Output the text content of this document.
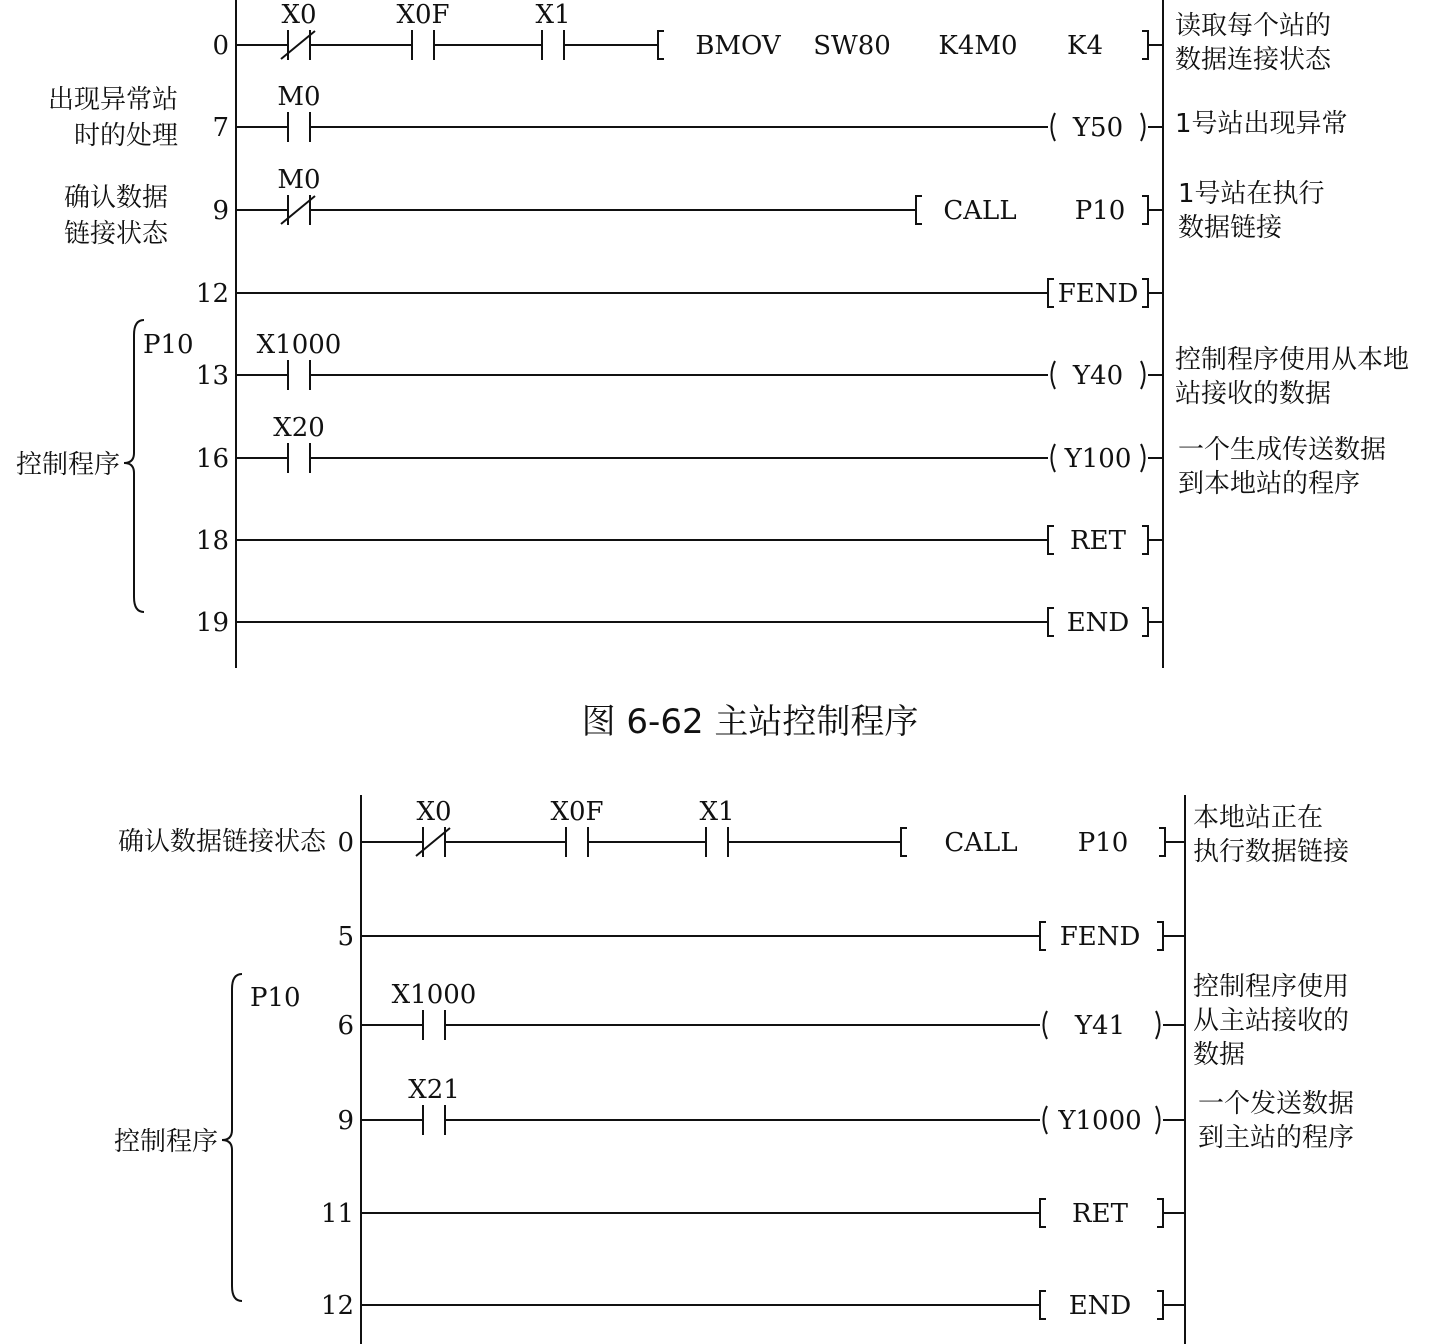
0
X0	X0F	X1
BMOV SW80 K4M0 K4
读取每个站的
数据连接状态
7
M0
Y50 1号站出现异常
出现异常站
时的处理
9
M0
CALL P10
1号站在执行
数据链接
确认数据
链接状态
12	FEND
13
X1000
Y40
控制程序使用从本地
站接收的数据
16
X20
Y100 一个生成传送数据
到本地站的程序
18	RET
19	END
P10
控制程序
图 6-62 主站控制程序
0
X0	X0F	X1
CALL P10
本地站正在
执行数据链接
确认数据链接状态
5	FEND
6
X1000
Y41
控制程序使用
从主站接收的
数据
9
X21
Y1000
一个发送数据
到主站的程序
11	RET
12	END
P10
控制程序
